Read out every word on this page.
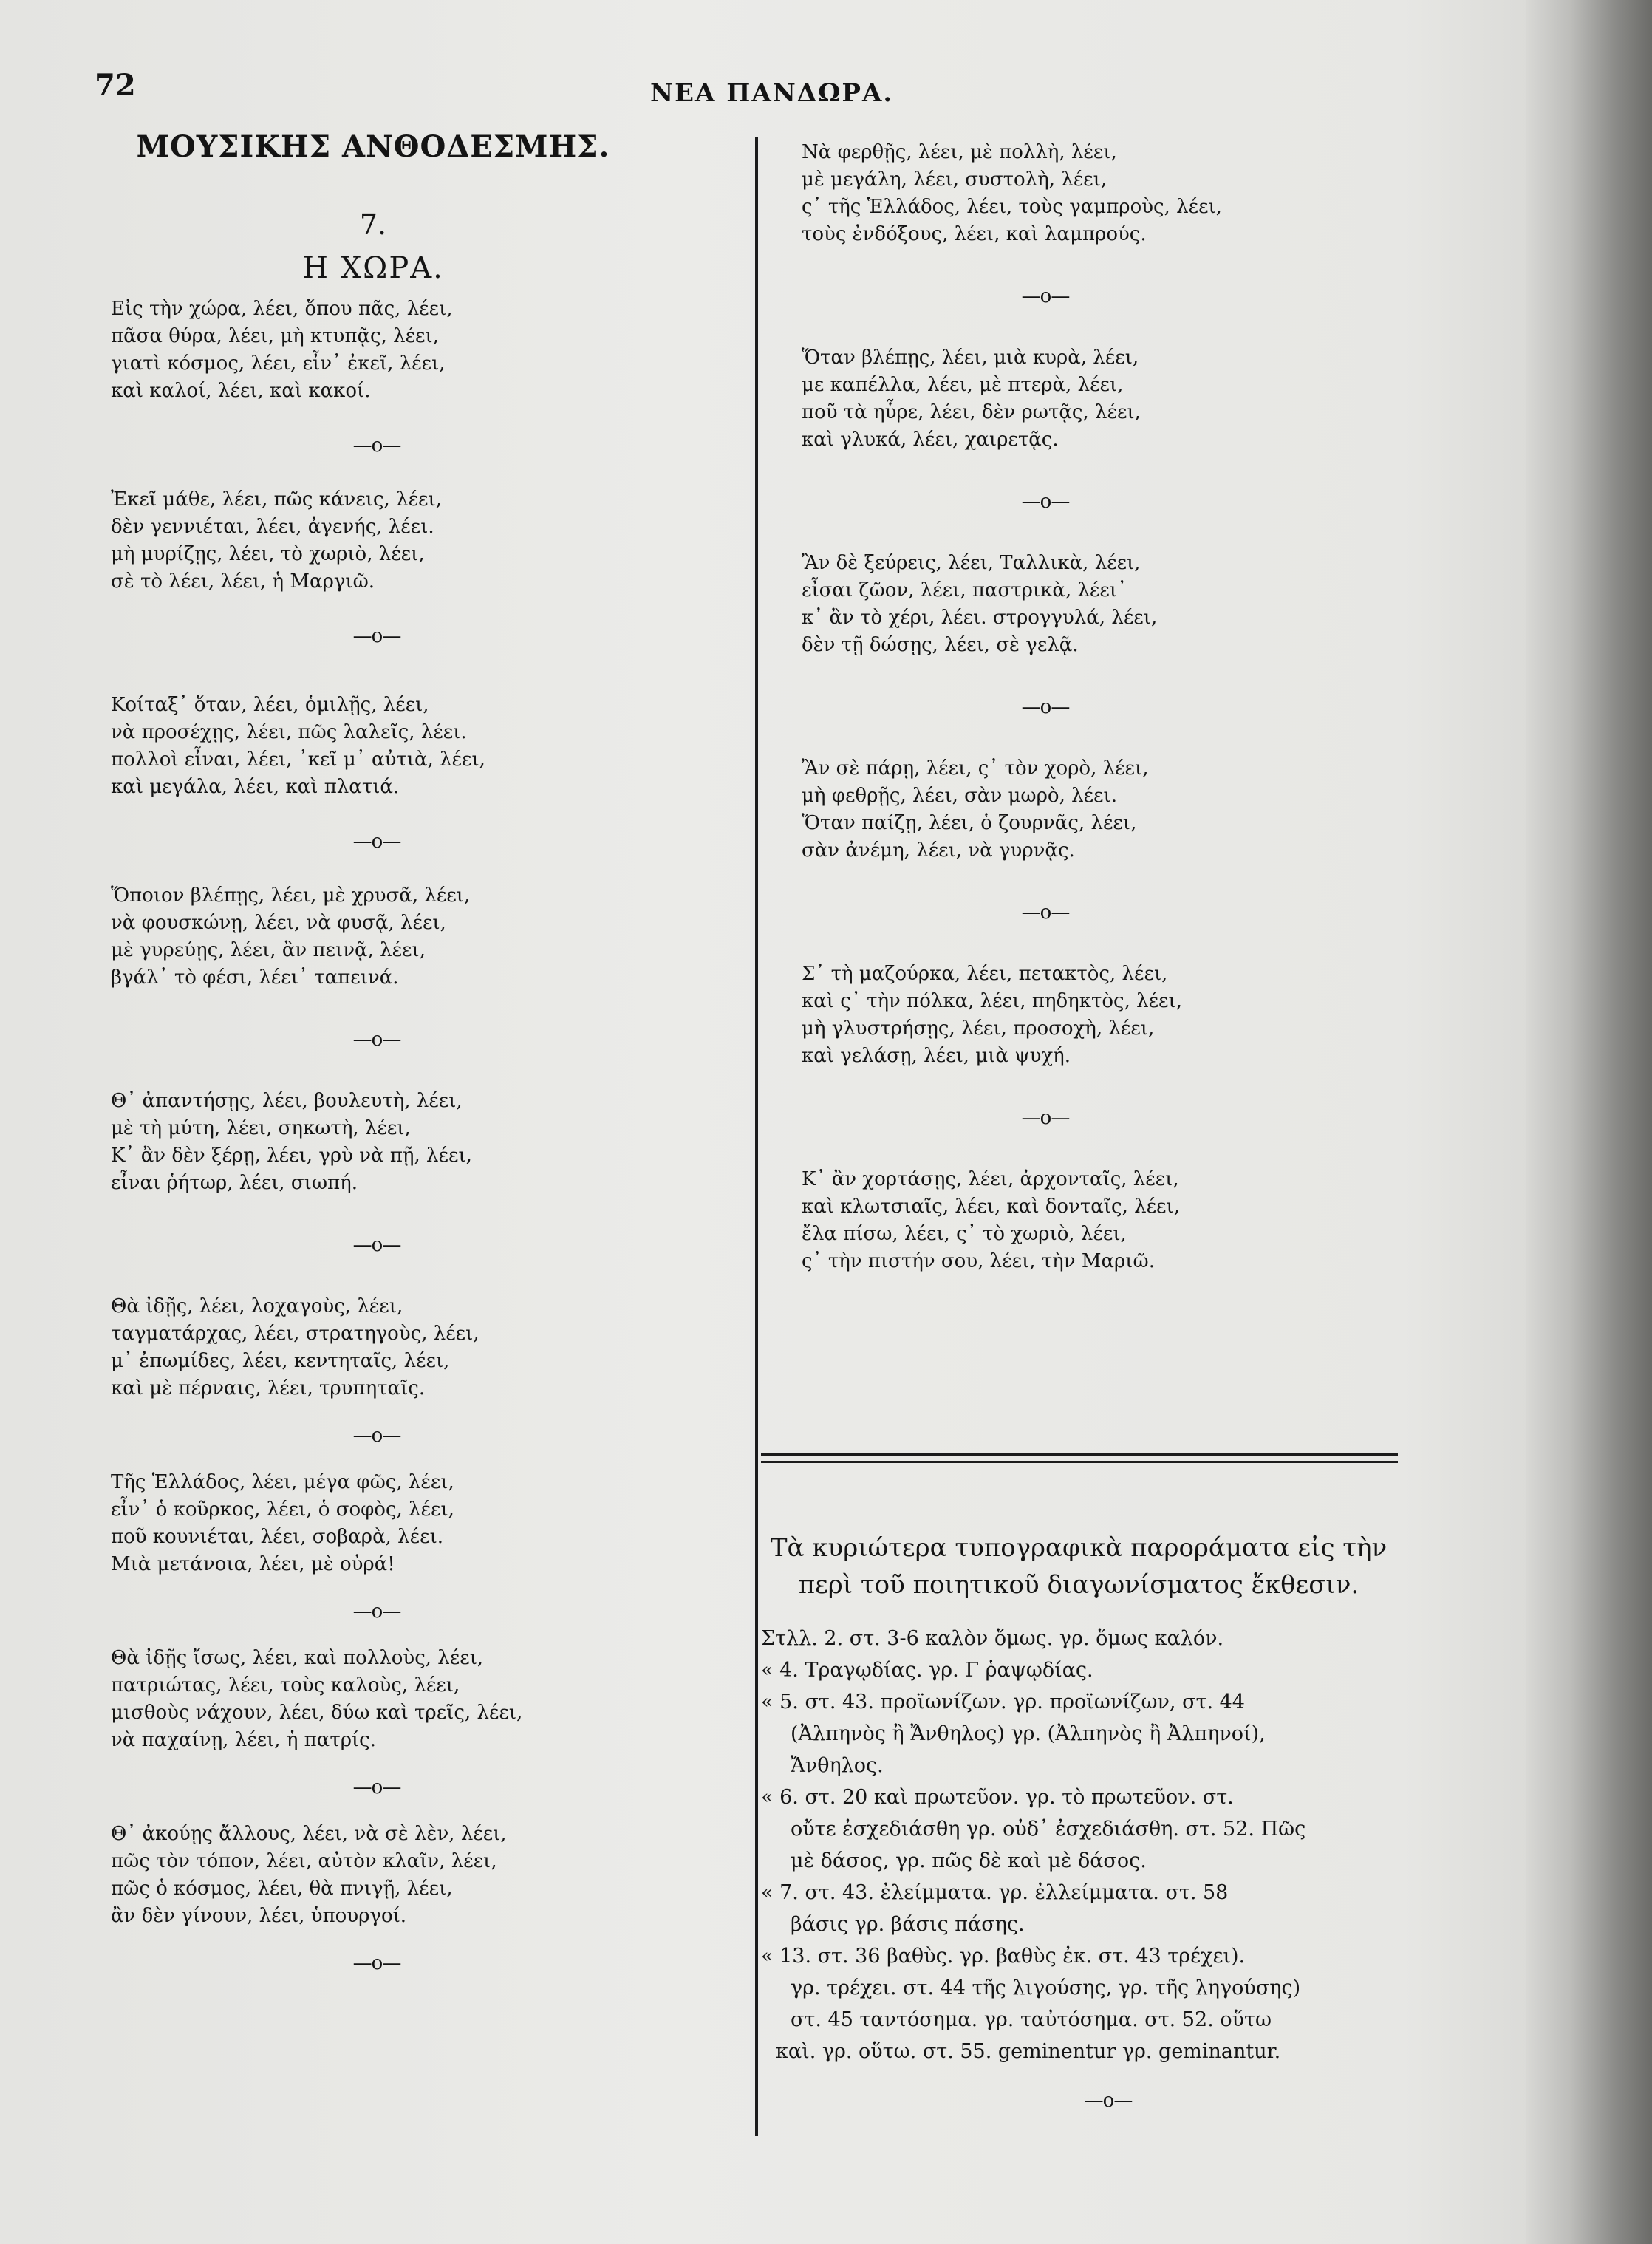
72	ΝΕΑ ΠΑΝΔΩΡΑ.
ΜΟΥΣΙΚΗΣ ΑΝΘΟΔΕΣΜΗΣ.
7.
Η ΧΩΡΑ.
Εἰς τὴν χώρα, λέει, ὅπου πᾶς, λέει,
πᾶσα θύρα, λέει, μὴ κτυπᾷς, λέει,
γιατὶ κόσμος, λέει, εἶν᾽ ἐκεῖ, λέει,
καὶ καλοί, λέει, καὶ κακοί.
—o—
Ἐκεῖ μάθε, λέει, πῶς κάνεις, λέει,
δὲν γεννιέται, λέει, ἀγενής, λέει.
μὴ μυρίζῃς, λέει, τὸ χωριὸ, λέει,
σὲ τὸ λέει, λέει, ἡ Μαργιῶ.
—o—
Κοίταξ᾽ ὅταν, λέει, ὁμιλῇς, λέει,
νὰ προσέχῃς, λέει, πῶς λαλεῖς, λέει.
πολλοὶ εἶναι, λέει, ᾽κεῖ μ᾽ αὐτιὰ, λέει,
καὶ μεγάλα, λέει, καὶ πλατιά.
—o—
Ὅποιον βλέπῃς, λέει, μὲ χρυσᾶ, λέει,
νὰ φουσκώνῃ, λέει, νὰ φυσᾷ, λέει,
μὲ γυρεύῃς, λέει, ἂν πεινᾷ, λέει,
βγάλ᾽ τὸ φέσι, λέει᾽ ταπεινά.
—o—
Θ᾽ ἀπαντήσῃς, λέει, βουλευτὴ, λέει,
μὲ τὴ μύτη, λέει, σηκωτὴ, λέει,
Κ᾽ ἂν δὲν ξέρῃ, λέει, γρὺ νὰ πῇ, λέει,
εἶναι ῥήτωρ, λέει, σιωπή.
—o—
Θὰ ἰδῇς, λέει, λοχαγοὺς, λέει,
ταγματάρχας, λέει, στρατηγοὺς, λέει,
μ᾽ ἐπωμίδες, λέει, κεντηταῖς, λέει,
καὶ μὲ πέρναις, λέει, τρυπηταῖς.
—o—
Τῆς Ἑλλάδος, λέει, μέγα φῶς, λέει,
εἶν᾽ ὁ κοῦρκος, λέει, ὁ σοφὸς, λέει,
ποῦ κουνιέται, λέει, σοβαρὰ, λέει.
Μιὰ μετάνοια, λέει, μὲ οὐρά!
—o—
Θὰ ἰδῇς ἴσως, λέει, καὶ πολλοὺς, λέει,
πατριώτας, λέει, τοὺς καλοὺς, λέει,
μισθοὺς νάχουν, λέει, δύω καὶ τρεῖς, λέει,
νὰ παχαίνῃ, λέει, ἡ πατρίς.
—o—
Θ᾽ ἀκούῃς ἄλλους, λέει, νὰ σὲ λὲν, λέει,
πῶς τὸν τόπον, λέει, αὐτὸν κλαῖν, λέει,
πῶς ὁ κόσμος, λέει, θὰ πνιγῇ, λέει,
ἂν δὲν γίνουν, λέει, ὑπουργοί.
—o—
Νὰ φερθῇς, λέει, μὲ πολλὴ, λέει,
μὲ μεγάλη, λέει, συστολὴ, λέει,
ς᾽ τῆς Ἑλλάδος, λέει, τοὺς γαμπροὺς, λέει,
τοὺς ἐνδόξους, λέει, καὶ λαμπρούς.
—o—
Ὅταν βλέπῃς, λέει, μιὰ κυρὰ, λέει,
με καπέλλα, λέει, μὲ πτερὰ, λέει,
ποῦ τὰ ηὗρε, λέει, δὲν ρωτᾷς, λέει,
καὶ γλυκά, λέει, χαιρετᾷς.
—o—
Ἂν δὲ ξεύρεις, λέει, Ταλλικὰ, λέει,
εἶσαι ζῶον, λέει, παστρικὰ, λέει᾽
κ᾽ ἂν τὸ χέρι, λέει. στρογγυλά, λέει,
δὲν τῇ δώσῃς, λέει, σὲ γελᾷ.
—o—
Ἂν σὲ πάρῃ, λέει, ς᾽ τὸν χορὸ, λέει,
μὴ φεθρῇς, λέει, σὰν μωρὸ, λέει.
Ὅταν παίζῃ, λέει, ὁ ζουρνᾶς, λέει,
σὰν ἀνέμη, λέει, νὰ γυρνᾷς.
—o—
Σ᾽ τὴ μαζούρκα, λέει, πετακτὸς, λέει,
καὶ ς᾽ τὴν πόλκα, λέει, πηδηκτὸς, λέει,
μὴ γλυστρήσῃς, λέει, προσοχὴ, λέει,
καὶ γελάσῃ, λέει, μιὰ ψυχή.
—o—
Κ᾽ ἂν χορτάσῃς, λέει, ἀρχονταῖς, λέει,
καὶ κλωτσιαῖς, λέει, καὶ δονταῖς, λέει,
ἔλα πίσω, λέει, ς᾽ τὸ χωριὸ, λέει,
ς᾽ τὴν πιστήν σου, λέει, τὴν Μαριῶ.
Τὰ κυριώτερα τυπογραφικὰ παροράματα εἰς τὴν
περὶ τοῦ ποιητικοῦ διαγωνίσματος ἔκθεσιν.
Στλλ. 2. στ. 3-6 καλὸν ὅμως. γρ. ὅμως καλόν.
« 4. Τραγῳδίας. γρ. Γ ῥαψῳδίας.
« 5. στ. 43. προϊωνίζων. γρ. προϊωνίζων, στ. 44
(Ἀλπηνὸς ἢ Ἄνθηλος) γρ. (Ἀλπηνὸς ἢ Ἀλπηνοί),
Ἄνθηλος.
« 6. στ. 20 καὶ πρωτεῦον. γρ. τὸ πρωτεῦον. στ.
οὔτε ἐσχεδιάσθη γρ. οὐδ᾽ ἐσχεδιάσθη. στ. 52. Πῶς
μὲ δάσος, γρ. πῶς δὲ καὶ μὲ δάσος.
« 7. στ. 43. ἐλείμματα. γρ. ἐλλείμματα. στ. 58
βάσις γρ. βάσις πάσης.
« 13. στ. 36 βαθὺς. γρ. βαθὺς ἐκ. στ. 43 τρέχει).
γρ. τρέχει. στ. 44 τῆς λιγούσης, γρ. τῆς ληγούσης)
στ. 45 ταντόσημα. γρ. ταὐτόσημα. στ. 52. οὕτω
καὶ. γρ. οὕτω. στ. 55. geminentur γρ. geminantur.
—o—
